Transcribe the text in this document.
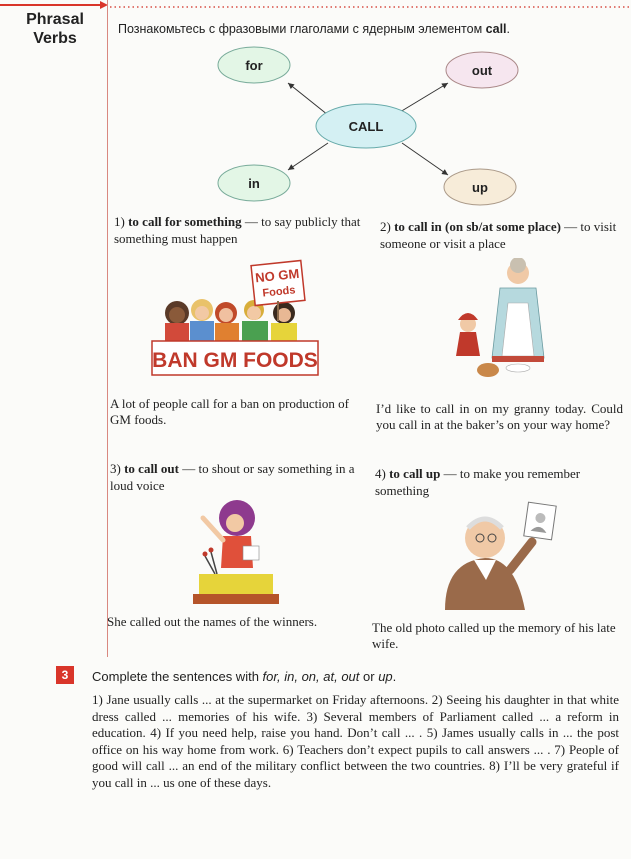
Phrasal
Verbs
Познакомьтесь с фразовыми глаголами с ядерным элементом call.
for	out
CALL
in	up
1) to call for something — to say publicly that something must happen
2) to call in (on sb/at some place) — to visit someone or visit a place
NO GM
Foods
BAN GM FOODS
A lot of people call for a ban on production of GM foods.
I’d like to call in on my granny today. Could you call in at the baker’s on your way home?
3) to call out — to shout or say something in a loud voice
4) to call up — to make you remember something
She called out the names of the winners.	The old photo called up the memory of his late wife.
3	Complete the sentences with for, in, on, at, out or up.
1) Jane usually calls ... at the supermarket on Friday afternoons. 2) Seeing his daughter in that white dress called ... memories of his wife. 3) Several members of Parliament called ... a reform in education. 4) If you need help, raise you hand. Don’t call ... . 5) James usually calls in ... the post office on his way home from work. 6) Teachers don’t expect pupils to call answers ... . 7) People of good will call ... an end of the military conflict between the two countries. 8) I’ll be very grateful if you call in ... us one of these days.
